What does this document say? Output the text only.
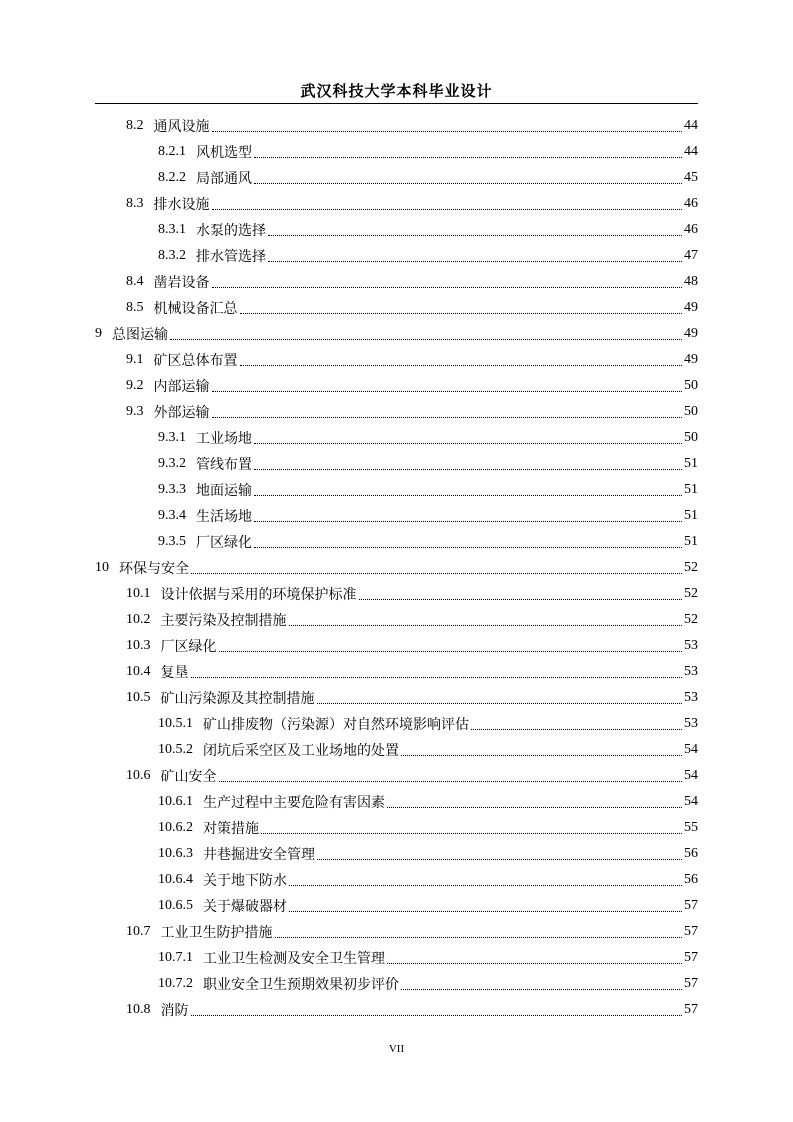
武汉科技大学本科毕业设计
8.2 通风设施	44
8.2.1 风机选型	44
8.2.2 局部通风	45
8.3 排水设施	46
8.3.1 水泵的选择	46
8.3.2 排水管选择	47
8.4 凿岩设备	48
8.5 机械设备汇总	49
9 总图运输	49
9.1 矿区总体布置	49
9.2 内部运输	50
9.3 外部运输	50
9.3.1 工业场地	50
9.3.2 管线布置	51
9.3.3 地面运输	51
9.3.4 生活场地	51
9.3.5 厂区绿化	51
10 环保与安全	52
10.1 设计依据与采用的环境保护标准	52
10.2 主要污染及控制措施	52
10.3 厂区绿化	53
10.4 复垦	53
10.5 矿山污染源及其控制措施	53
10.5.1 矿山排废物（污染源）对自然环境影响评估	53
10.5.2 闭坑后采空区及工业场地的处置	54
10.6 矿山安全	54
10.6.1 生产过程中主要危险有害因素	54
10.6.2 对策措施	55
10.6.3 井巷掘进安全管理	56
10.6.4 关于地下防水	56
10.6.5 关于爆破器材	57
10.7 工业卫生防护措施	57
10.7.1 工业卫生检测及安全卫生管理	57
10.7.2 职业安全卫生预期效果初步评价	57
10.8 消防	57
VII
